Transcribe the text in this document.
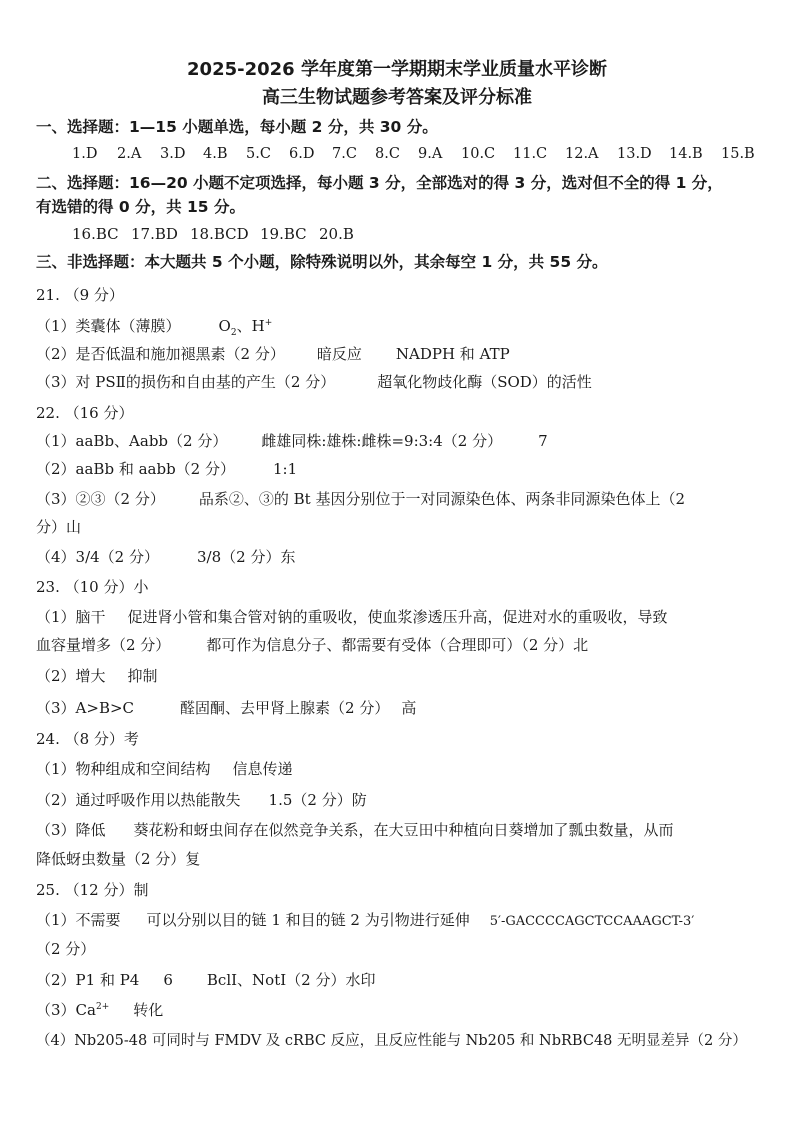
2025-2026 学年度第一学期期末学业质量水平诊断
高三生物试题参考答案及评分标准
一、选择题：1—15 小题单选，每小题 2 分，共 30 分。
1.D 2.A 3.D 4.B 5.C 6.D 7.C 8.C 9.A 10.C 11.C 12.A 13.D 14.B 15.B
二、选择题：16—20 小题不定项选择，每小题 3 分，全部选对的得 3 分，选对但不全的得 1 分，
有选错的得 0 分，共 15 分。
16.BC 17.BD 18.BCD 19.BC 20.B
三、非选择题：本大题共 5 个小题，除特殊说明以外，其余每空 1 分，共 55 分。
21. （9 分）
（1）类囊体（薄膜）	$O_2$、H+
（2）是否低温和施加褪黑素（2 分） 暗反应 NADPH 和 ATP
（3）对 PSⅡ的损伤和自由基的产生（2 分）	超氧化物歧化酶（SOD）的活性
22. （16 分）
（1）aaBb、Aabb（2 分） 雌雄同株:雄株:雌株=9:3:4（2 分） 7
（2）aaBb 和 aabb（2 分）	1:1
（3）②③（2 分） 品系②、③的 Bt 基因分别位于一对同源染色体、两条非同源染色体上（2
分）山
（4）3/4（2 分）	3/8（2 分）东
23. （10 分）小
（1）脑干 促进肾小管和集合管对钠的重吸收，使血浆渗透压升高，促进对水的重吸收，导致
血容量增多（2 分） 都可作为信息分子、都需要有受体（合理即可）（2 分）北
（2）增大 抑制
（3）A>B>C	醛固酮、去甲肾上腺素（2 分） 高
24. （8 分）考
（1）物种组成和空间结构 信息传递
（2）通过呼吸作用以热能散失 1.5（2 分）防
（3）降低 葵花粉和蚜虫间存在似然竞争关系，在大豆田中种植向日葵增加了瓢虫数量，从而
降低蚜虫数量（2 分）复
25. （12 分）制
（1）不需要 可以分别以目的链 1 和目的链 2 为引物进行延伸 5′-GACCCCAGCTCCAAAGCT-3′
（2 分）
（2）P1 和 P4 6 BclⅠ、NotⅠ（2 分）水印
$(3)Ca^{2+}$ 转化
（4）Nb205-48 可同时与 FMDV 及 cRBC 反应，且反应性能与 Nb205 和 NbRBC48 无明显差异（2 分）
